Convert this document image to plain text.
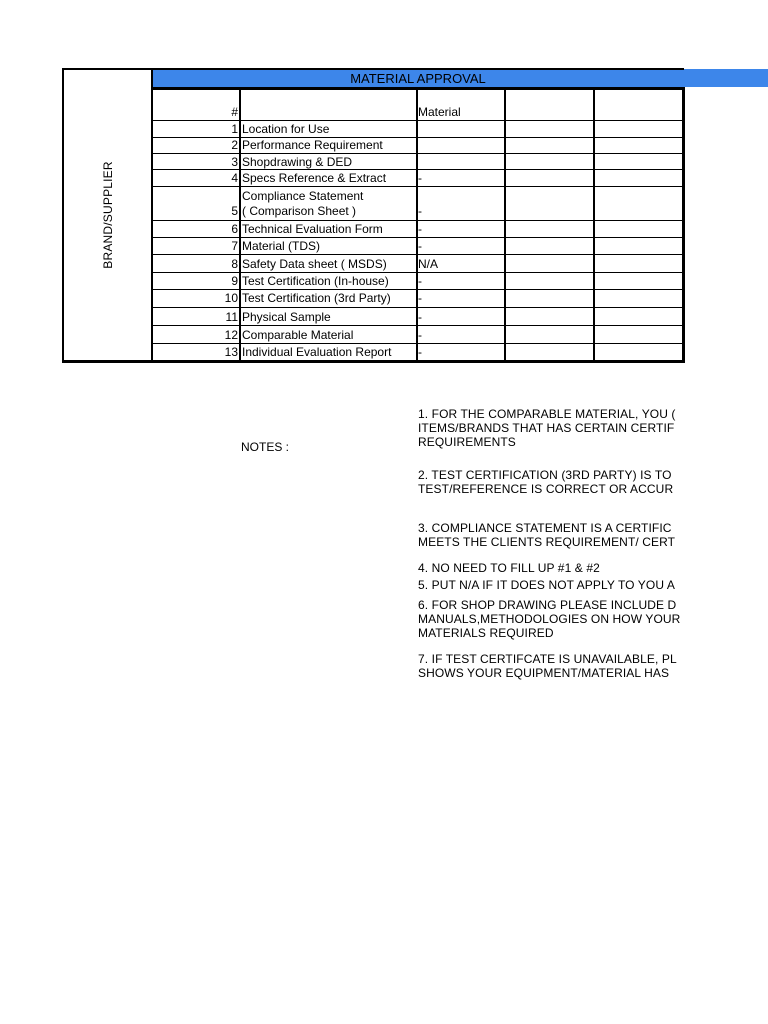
MATERIAL APPROVAL
BRAND/SUPPLIER
#	Material
1 Location for Use
2 Performance Requirement
3 Shopdrawing & DED
4 Specs Reference & Extract	-
Compliance Statement
5 ( Comparison Sheet )	-
6 Technical Evaluation Form	-
7 Material (TDS)	-
8 Safety Data sheet ( MSDS)	N/A
9 Test Certification (In-house) -
10 Test Certification (3rd Party) -
11 Physical Sample	-
12 Comparable Material	-
13 Individual Evaluation Report -
NOTES :
1. FOR THE COMPARABLE MATERIAL, YOU (
ITEMS/BRANDS THAT HAS CERTAIN CERTIF
REQUIREMENTS
2. TEST CERTIFICATION (3RD PARTY) IS TO
TEST/REFERENCE IS CORRECT OR ACCUR
3. COMPLIANCE STATEMENT IS A CERTIFIC
MEETS THE CLIENTS REQUIREMENT/ CERT
4. NO NEED TO FILL UP #1 & #2
5. PUT N/A IF IT DOES NOT APPLY TO YOU A
6. FOR SHOP DRAWING PLEASE INCLUDE D
MANUALS,METHODOLOGIES ON HOW YOUR
MATERIALS REQUIRED
7. IF TEST CERTIFCATE IS UNAVAILABLE, PL
SHOWS YOUR EQUIPMENT/MATERIAL HAS
